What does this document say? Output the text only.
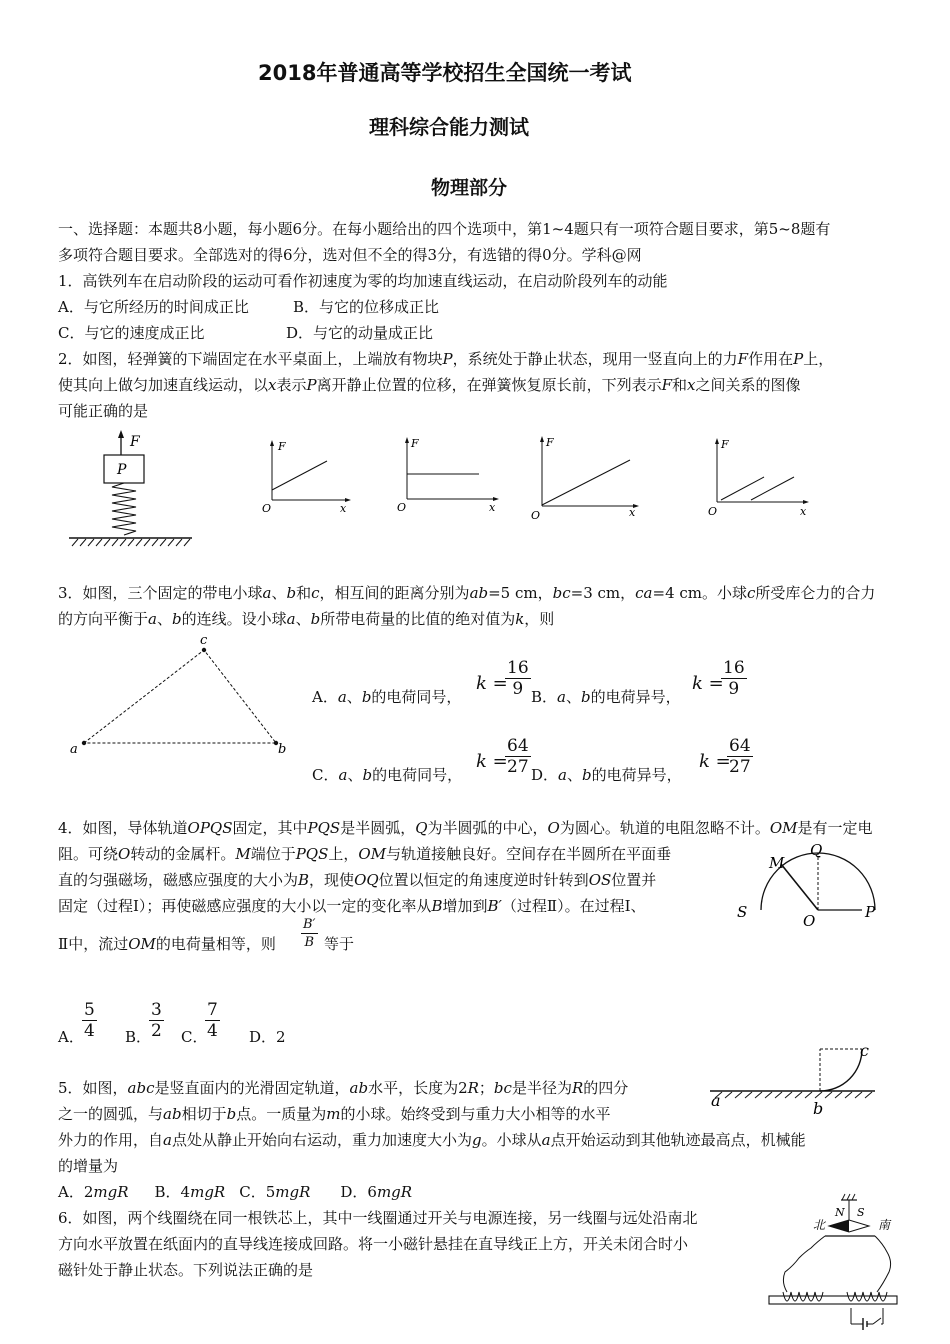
2018年普通高等学校招生全国统一考试
理科综合能力测试
物理部分
一、选择题：本题共8小题，每小题6分。在每小题给出的四个选项中，第1~4题只有一项符合题目要求，第5~8题有
多项符合题目要求。全部选对的得6分，选对但不全的得3分，有选错的得0分。学科@网
1．高铁列车在启动阶段的运动可看作初速度为零的均加速直线运动，在启动阶段列车的动能
A．与它所经历的时间成正比	B．与它的位移成正比
C．与它的速度成正比	D．与它的动量成正比
2．如图，轻弹簧的下端固定在水平桌面上，上端放有物块P，系统处于静止状态，现用一竖直向上的力F作用在P上，
使其向上做匀加速直线运动，以x表示P离开静止位置的位移，在弹簧恢复原长前，下列表示F和x之间关系的图像
可能正确的是
F
P
F
O	x
F
O	x
F
O	x
F
O	x
3．如图，三个固定的带电小球a、b和c，相互间的距离分别为ab=5 cm，bc=3 cm，ca=4 cm。小球c所受库仑力的合力
的方向平衡于a、b的连线。设小球a、b所带电荷量的比值的绝对值为k，则
a
c
b
A．a、b的电荷同号，
k =
$\frac{16}{9}$ B．a、b的电荷异号，
k =
$\frac{16}{9}$
C．a、b的电荷同号，
k =
$\frac{64}{27}$ D．a、b的电荷异号，
k =
$\frac{64}{27}$
4．如图，导体轨道OPQS固定，其中PQS是半圆弧，Q为半圆弧的中心，O为圆心。轨道的电阻忽略不计。OM是有一定电
阻。可绕O转动的金属杆。M端位于PQS上，OM与轨道接触良好。空间存在半圆所在平面垂
直的匀强磁场，磁感应强度的大小为B，现使OQ位置以恒定的角速度逆时针转到OS位置并
固定（过程Ⅰ）；再使磁感应强度的大小以一定的变化率从B增加到B′（过程Ⅱ）。在过程Ⅰ、
Ⅱ中，流过OM的电荷量相等，则 $\frac{B'}{B}$ 等于
M
Q
S	O	P
A．
$\frac{5}{4}$ B．
$\frac{3}{2}$ C．
$\frac{7}{4}$ D．2
5．如图，abc是竖直面内的光滑固定轨道，ab水平，长度为2R；bc是半径为R的四分
之一的圆弧，与ab相切于b点。一质量为m的小球。始终受到与重力大小相等的水平
外力的作用，自a点处从静止开始向右运动，重力加速度大小为g。小球从a点开始运动到其他轨迹最高点，机械能
的增量为
A．2mgR B．4mgR C．5mgR D．6mgR
a	b
c
6．如图，两个线圈绕在同一根铁芯上，其中一线圈通过开关与电源连接，另一线圈与远处沿南北
方向水平放置在纸面内的直导线连接成回路。将一小磁针悬挂在直导线正上方，开关未闭合时小
磁针处于静止状态。下列说法正确的是
N S
北	南
